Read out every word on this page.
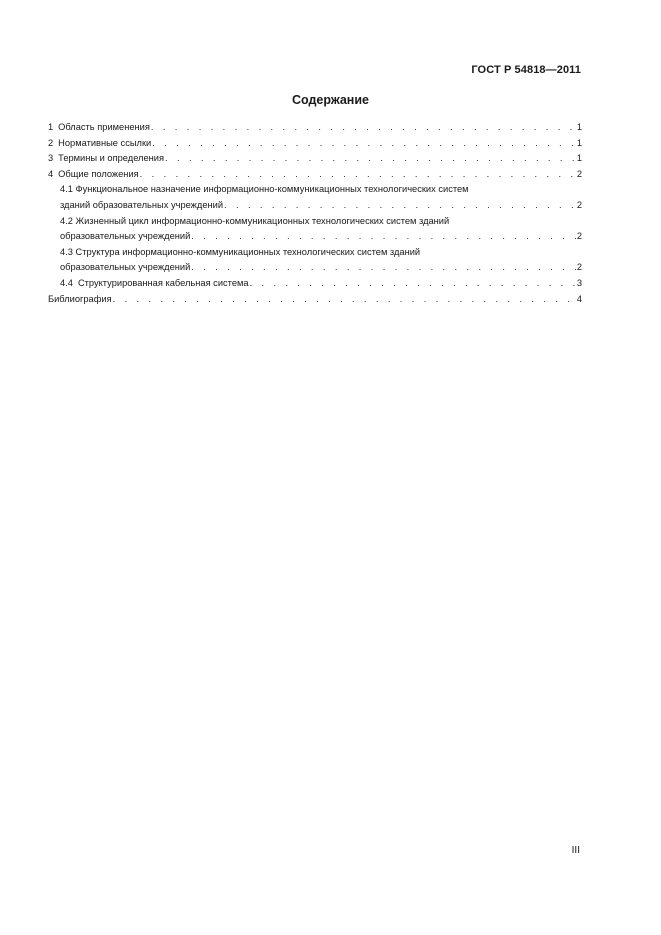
ГОСТ Р 54818—2011
Содержание
1 Область применения . . .	1
2 Нормативные ссылки . . .	1
3 Термины и определения . . .	1
4 Общие положения . . .	2
4.1 Функциональное назначение информационно-коммуникационных технологических систем
зданий образовательных учреждений . . .	2
4.2 Жизненный цикл информационно-коммуникационных технологических систем зданий
образовательных учреждений . . .	2
4.3 Структура информационно-коммуникационных технологических систем зданий
образовательных учреждений . . .	2
4.4 Структурированная кабельная система . . .	3
Библиография . . .	4
III
